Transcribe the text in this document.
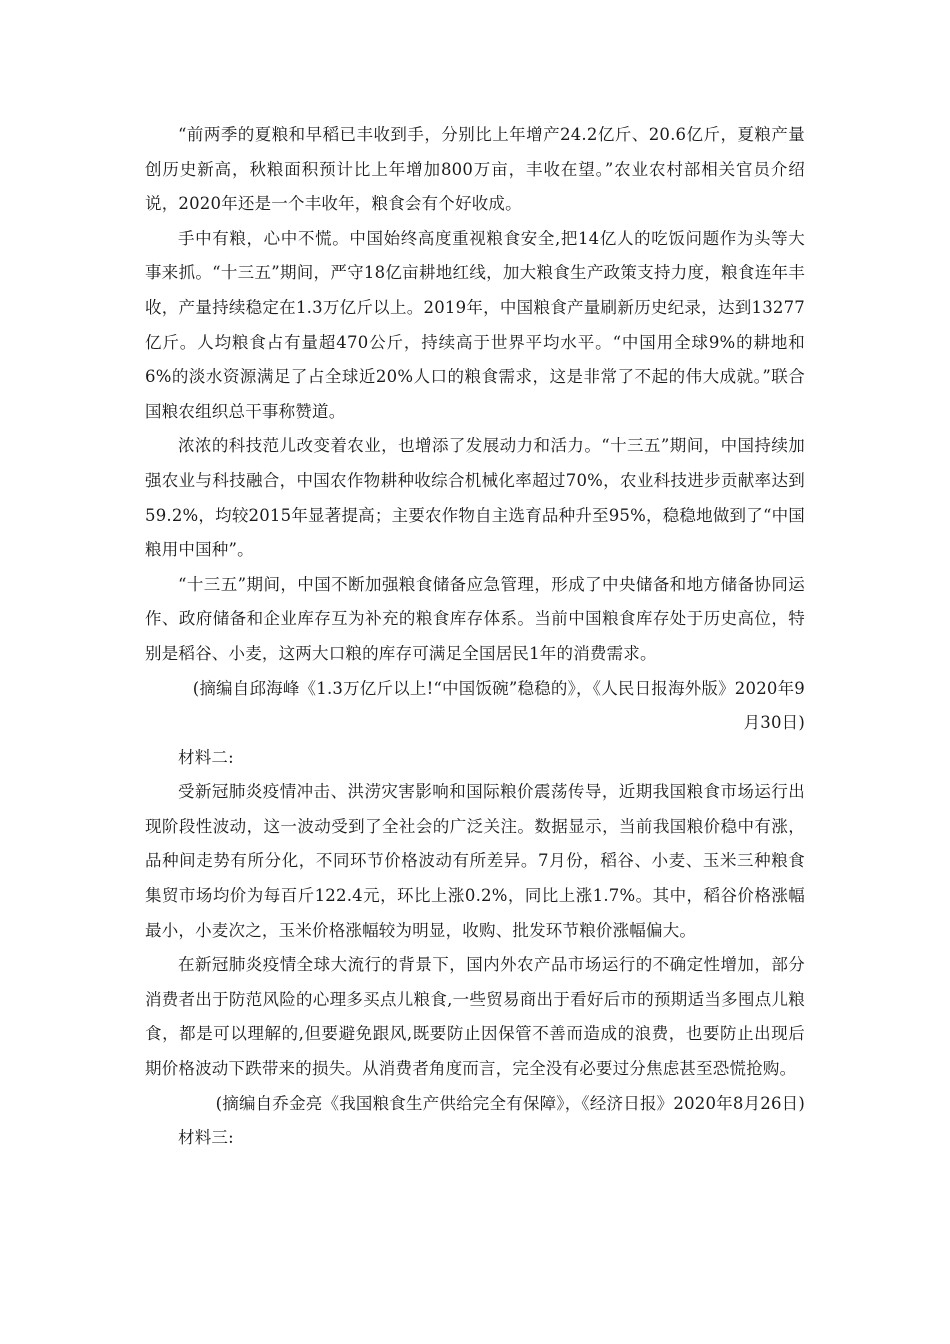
“前两季的夏粮和早稻已丰收到手，分别比上年增产24.2亿斤、20.6亿斤，夏粮产量创历史新高，秋粮面积预计比上年增加800万亩，丰收在望。”农业农村部相关官员介绍说，2020年还是一个丰收年，粮食会有个好收成。

手中有粮，心中不慌。中国始终高度重视粮食安全,把14亿人的吃饭问题作为头等大事来抓。“十三五”期间，严守18亿亩耕地红线，加大粮食生产政策支持力度，粮食连年丰收，产量持续稳定在1.3万亿斤以上。2019年，中国粮食产量刷新历史纪录，达到13277亿斤。人均粮食占有量超470公斤，持续高于世界平均水平。“中国用全球9%的耕地和6%的淡水资源满足了占全球近20%人口的粮食需求，这是非常了不起的伟大成就。”联合国粮农组织总干事称赞道。

浓浓的科技范儿改变着农业，也增添了发展动力和活力。“十三五”期间，中国持续加强农业与科技融合，中国农作物耕种收综合机械化率超过70%，农业科技进步贡献率达到59.2%，均较2015年显著提高；主要农作物自主选育品种升至95%，稳稳地做到了“中国粮用中国种”。

“十三五”期间，中国不断加强粮食储备应急管理，形成了中央储备和地方储备协同运作、政府储备和企业库存互为补充的粮食库存体系。当前中国粮食库存处于历史高位，特别是稻谷、小麦，这两大口粮的库存可满足全国居民1年的消费需求。

(摘编自邱海峰《1.3万亿斤以上!“中国饭碗”稳稳的》，《人民日报海外版》2020年9月30日)

材料二:

受新冠肺炎疫情冲击、洪涝灾害影响和国际粮价震荡传导，近期我国粮食市场运行出现阶段性波动，这一波动受到了全社会的广泛关注。数据显示，当前我国粮价稳中有涨，品种间走势有所分化，不同环节价格波动有所差异。7月份，稻谷、小麦、玉米三种粮食集贸市场均价为每百斤122.4元，环比上涨0.2%，同比上涨1.7%。其中，稻谷价格涨幅最小，小麦次之，玉米价格涨幅较为明显，收购、批发环节粮价涨幅偏大。

在新冠肺炎疫情全球大流行的背景下，国内外农产品市场运行的不确定性增加，部分消费者出于防范风险的心理多买点儿粮食,一些贸易商出于看好后市的预期适当多囤点儿粮食，都是可以理解的,但要避免跟风,既要防止因保管不善而造成的浪费，也要防止出现后期价格波动下跌带来的损失。从消费者角度而言，完全没有必要过分焦虑甚至恐慌抢购。

(摘编自乔金亮《我国粮食生产供给完全有保障》，《经济日报》2020年8月26日)

材料三:
